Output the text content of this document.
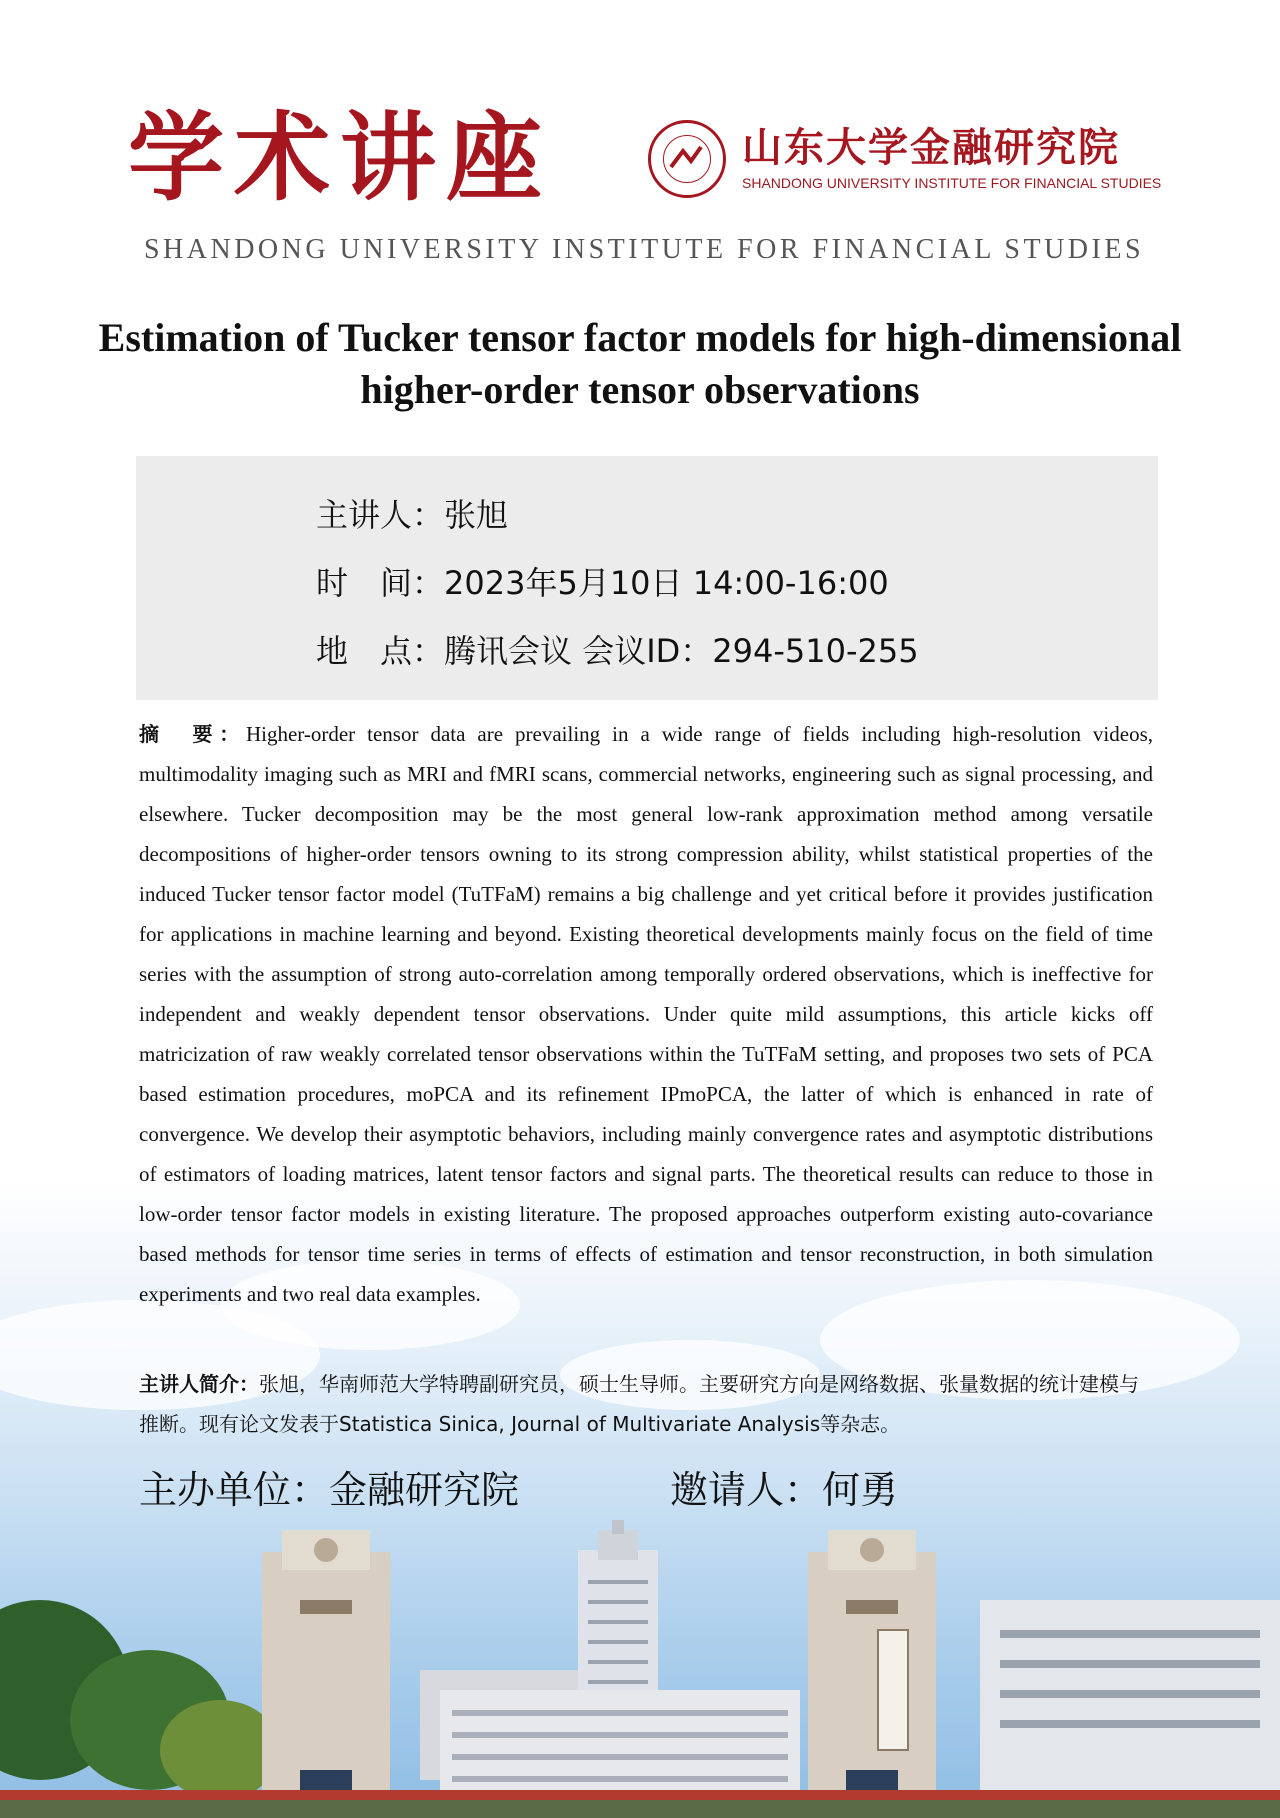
学术讲座	山东大学金融研究院
SHANDONG UNIVERSITY INSTITUTE FOR FINANCIAL STUDIES
SHANDONG UNIVERSITY INSTITUTE FOR FINANCIAL STUDIES
Estimation of Tucker tensor factor models for high-dimensional
higher-order tensor observations
主讲人：张旭
时　间：2023年5月10日 14:00-16:00
地　点：腾讯会议 会议ID：294-510-255
摘　要：Higher-order tensor data are prevailing in a wide range of fields including high-resolution videos, multimodality imaging such as MRI and fMRI scans, commercial networks, engineering such as signal processing, and elsewhere. Tucker decomposition may be the most general low-rank approximation method among versatile decompositions of higher-order tensors owning to its strong compression ability, whilst statistical properties of the induced Tucker tensor factor model (TuTFaM) remains a big challenge and yet critical before it provides justification for applications in machine learning and beyond. Existing theoretical developments mainly focus on the field of time series with the assumption of strong auto-correlation among temporally ordered observations, which is ineffective for independent and weakly dependent tensor observations. Under quite mild assumptions, this article kicks off matricization of raw weakly correlated tensor observations within the TuTFaM setting, and proposes two sets of PCA based estimation procedures, moPCA and its refinement IPmoPCA, the latter of which is enhanced in rate of convergence. We develop their asymptotic behaviors, including mainly convergence rates and asymptotic distributions of estimators of loading matrices, latent tensor factors and signal parts. The theoretical results can reduce to those in low-order tensor factor models in existing literature. The proposed approaches outperform existing auto-covariance based methods for tensor time series in terms of effects of estimation and tensor reconstruction, in both simulation experiments and two real data examples.
主讲人简介：张旭，华南师范大学特聘副研究员，硕士生导师。主要研究方向是网络数据、张量数据的统计建模与推断。现有论文发表于Statistica Sinica, Journal of Multivariate Analysis等杂志。
主办单位：金融研究院	邀请人：何勇
